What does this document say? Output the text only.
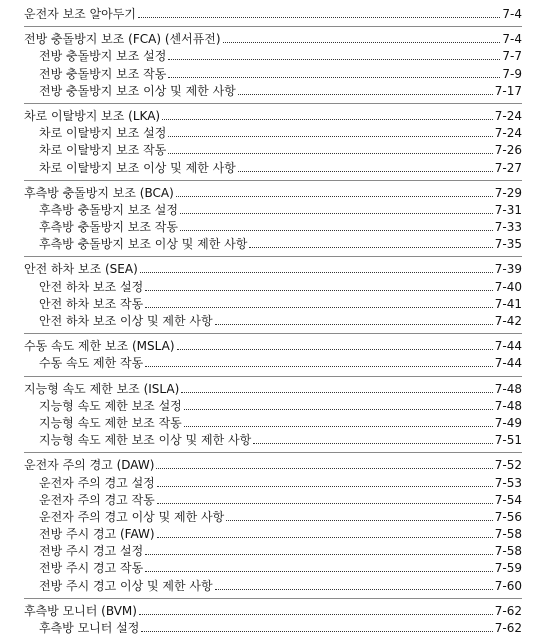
운전자 보조 알아두기	7-4
전방 충돌방지 보조 (FCA) (센서퓨전)	7-4
전방 충돌방지 보조 설정	7-7
전방 충돌방지 보조 작동	7-9
전방 충돌방지 보조 이상 및 제한 사항	7-17
차로 이탈방지 보조 (LKA)	7-24
차로 이탈방지 보조 설정	7-24
차로 이탈방지 보조 작동	7-26
차로 이탈방지 보조 이상 및 제한 사항	7-27
후측방 충돌방지 보조 (BCA)	7-29
후측방 충돌방지 보조 설정	7-31
후측방 충돌방지 보조 작동	7-33
후측방 충돌방지 보조 이상 및 제한 사항	7-35
안전 하차 보조 (SEA)	7-39
안전 하차 보조 설정	7-40
안전 하차 보조 작동	7-41
안전 하차 보조 이상 및 제한 사항	7-42
수동 속도 제한 보조 (MSLA)	7-44
수동 속도 제한 작동	7-44
지능형 속도 제한 보조 (ISLA)	7-48
지능형 속도 제한 보조 설정	7-48
지능형 속도 제한 보조 작동	7-49
지능형 속도 제한 보조 이상 및 제한 사항	7-51
운전자 주의 경고 (DAW)	7-52
운전자 주의 경고 설정	7-53
운전자 주의 경고 작동	7-54
운전자 주의 경고 이상 및 제한 사항	7-56
전방 주시 경고 (FAW)	7-58
전방 주시 경고 설정	7-58
전방 주시 경고 작동	7-59
전방 주시 경고 이상 및 제한 사항	7-60
후측방 모니터 (BVM)	7-62
후측방 모니터 설정	7-62
